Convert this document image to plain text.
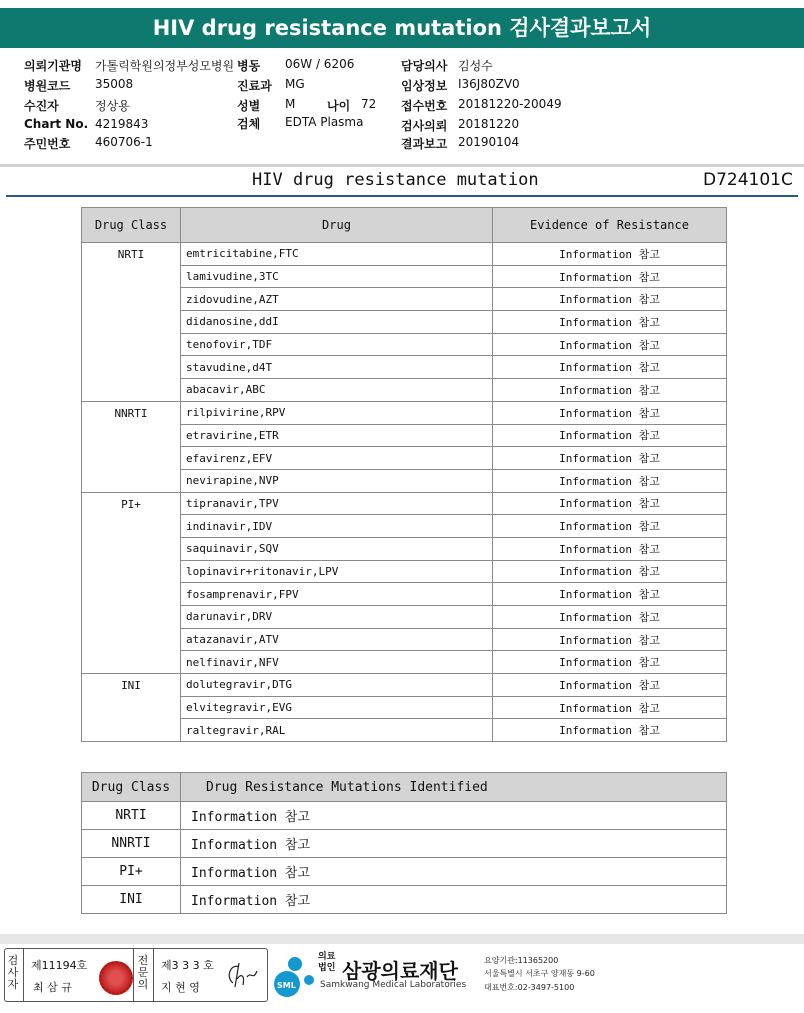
HIV drug resistance mutation 검사결과보고서
의뢰기관명 가톨릭학원의정부성모병원 병동 06W / 6206	담당의사 김성수
병원코드 35008	진료과 MG	임상정보 I36J80ZV0
수진자	정상용	성별 M	나이 72 접수번호 20181220-20049
Chart No. 4219843	검체 EDTA Plasma	검사의뢰 20181220
주민번호 460706-1	결과보고 20190104
HIV drug resistance mutation	D724101C
Drug Class	Drug	Evidence of Resistance
NRTI	emtricitabine,FTC	Information 참고
	lamivudine,3TC	Information 참고
	zidovudine,AZT	Information 참고
	didanosine,ddI	Information 참고
	tenofovir,TDF	Information 참고
	stavudine,d4T	Information 참고
	abacavir,ABC	Information 참고
NNRTI	rilpivirine,RPV	Information 참고
	etravirine,ETR	Information 참고
	efavirenz,EFV	Information 참고
	nevirapine,NVP	Information 참고
PI+	tipranavir,TPV	Information 참고
	indinavir,IDV	Information 참고
	saquinavir,SQV	Information 참고
	lopinavir+ritonavir,LPV	Information 참고
	fosamprenavir,FPV	Information 참고
	darunavir,DRV	Information 참고
	atazanavir,ATV	Information 참고
	nelfinavir,NFV	Information 참고
INI	dolutegravir,DTG	Information 참고
	elvitegravir,EVG	Information 참고
	raltegravir,RAL	Information 참고
Drug Class	Drug Resistance Mutations Identified
NRTI	Information 참고
NNRTI	Information 참고
PI+	Information 참고
INI	Information 참고
검
사
자
제11194호
최 삼 규
전
문
의
제3 3 3 호
지 현 영	SML
의료법인 삼광의료재단
Samkwang Medical Laboratories
요양기관:11365200
서울특별시 서초구 양재동 9-60
대표번호:02-3497-5100
